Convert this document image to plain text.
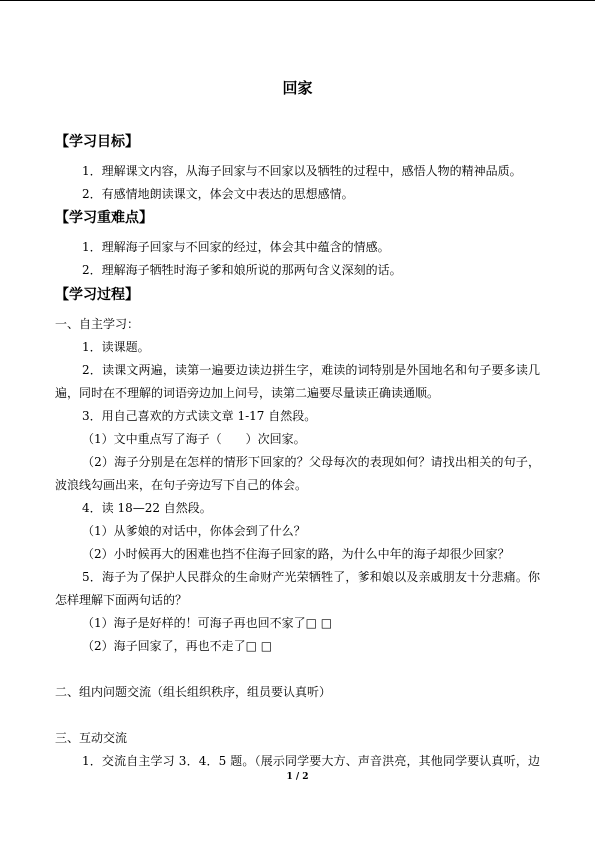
回家
【学习目标】
1．理解课文内容，从海子回家与不回家以及牺牲的过程中，感悟人物的精神品质。
2．有感情地朗读课文，体会文中表达的思想感情。
【学习重难点】
1．理解海子回家与不回家的经过，体会其中蕴含的情感。
2．理解海子牺牲时海子爹和娘所说的那两句含义深刻的话。
【学习过程】
一、自主学习：
1．读课题。
2．读课文两遍，读第一遍要边读边拼生字，难读的词特别是外国地名和句子要多读几
遍，同时在不理解的词语旁边加上问号，读第二遍要尽量读正确读通顺。
3．用自己喜欢的方式读文章 1-17 自然段。
（1）文中重点写了海子（　　）次回家。
（2）海子分别是在怎样的情形下回家的？父母每次的表现如何？请找出相关的句子，
波浪线勾画出来，在句子旁边写下自己的体会。
4．读 18—22 自然段。
（1）从爹娘的对话中，你体会到了什么？
（2）小时候再大的困难也挡不住海子回家的路，为什么中年的海子却很少回家？
5．海子为了保护人民群众的生命财产光荣牺牲了，爹和娘以及亲戚朋友十分悲痛。你
怎样理解下面两句话的？
（1）海子是好样的！可海子再也回不家了□ □
（2）海子回家了，再也不走了□ □
二、组内问题交流（组长组织秩序，组员要认真听）
三、互动交流
1．交流自主学习 3．4．5 题。（展示同学要大方、声音洪亮，其他同学要认真听，边
1 / 2
